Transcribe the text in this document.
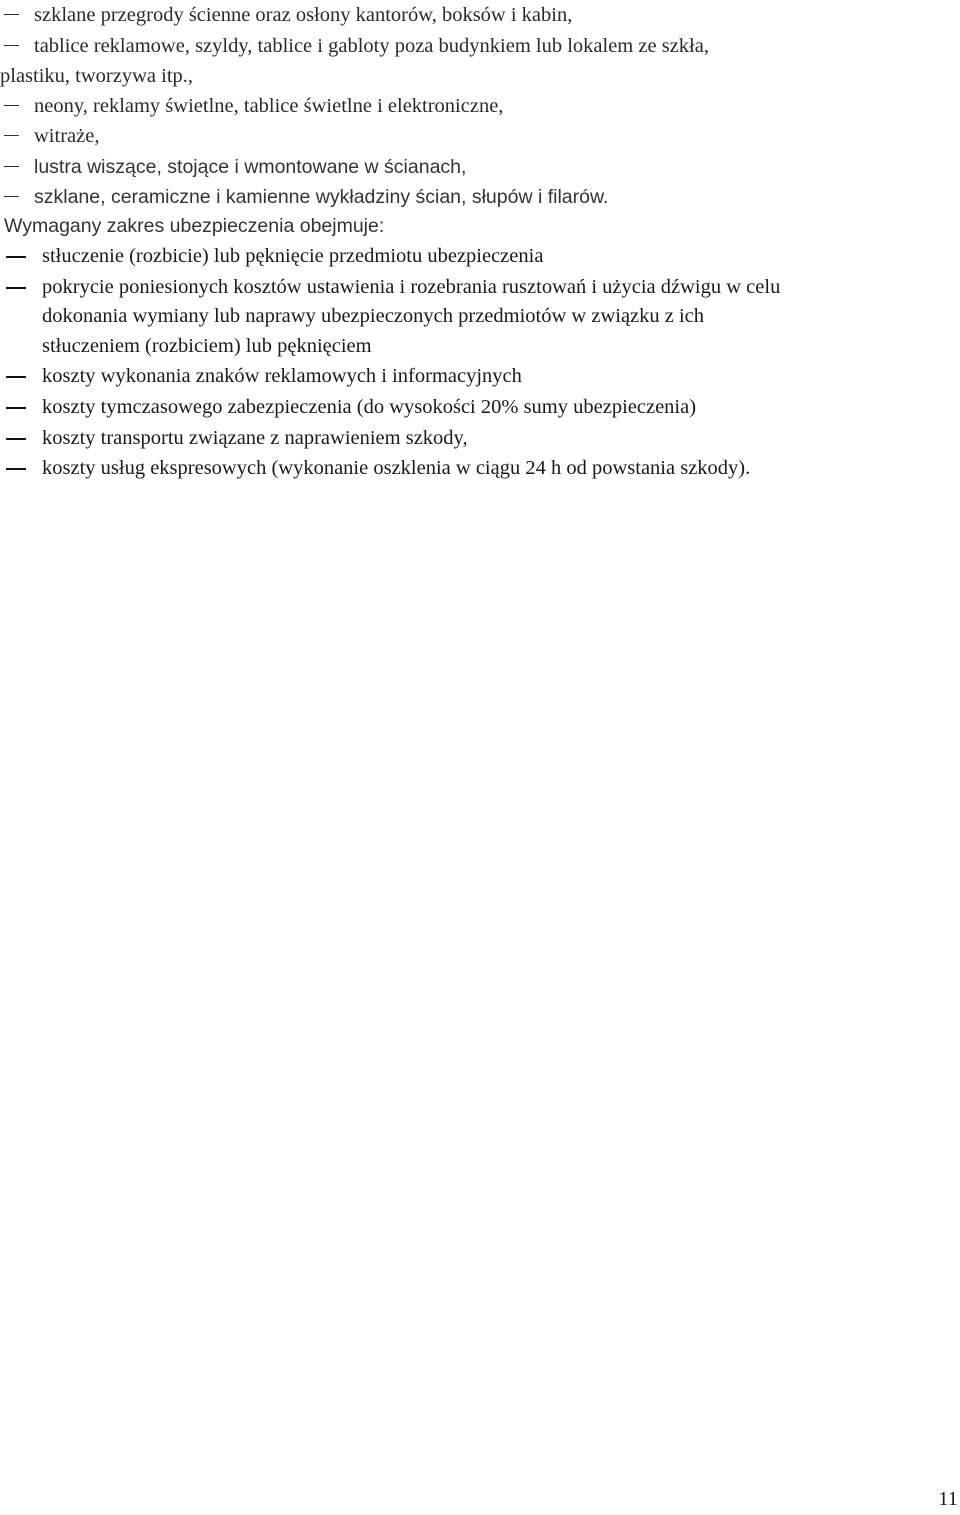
szklane przegrody ścienne oraz osłony kantorów, boksów i kabin,
tablice reklamowe, szyldy, tablice i gabloty poza budynkiem lub lokalem ze szkła,
plastiku, tworzywa itp.,
neony, reklamy świetlne, tablice świetlne i elektroniczne,
witraże,
lustra wiszące, stojące i wmontowane w ścianach,
szklane, ceramiczne i kamienne wykładziny ścian, słupów i filarów.
Wymagany zakres ubezpieczenia obejmuje:
stłuczenie (rozbicie) lub pęknięcie przedmiotu ubezpieczenia
pokrycie poniesionych kosztów ustawienia i rozebrania rusztowań i użycia dźwigu w celu
dokonania wymiany lub naprawy ubezpieczonych przedmiotów w związku z ich
stłuczeniem (rozbiciem) lub pęknięciem
koszty wykonania znaków reklamowych i informacyjnych
koszty tymczasowego zabezpieczenia (do wysokości 20% sumy ubezpieczenia)
koszty transportu związane z naprawieniem szkody,
koszty usług ekspresowych (wykonanie oszklenia w ciągu 24 h od powstania szkody).
11
